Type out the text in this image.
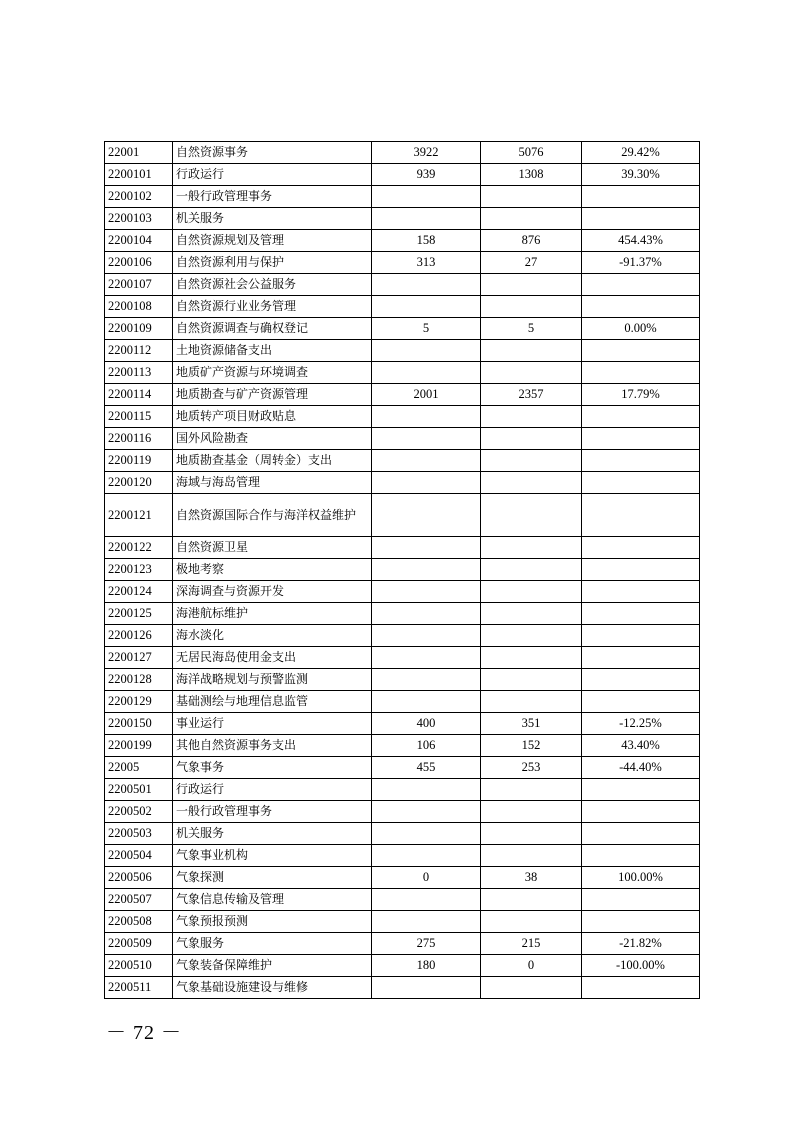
22001	自然资源事务	3922	5076	29.42%
2200101	行政运行	939	1308	39.30%
2200102	一般行政管理事务			
2200103	机关服务			
2200104	自然资源规划及管理	158	876	454.43%
2200106	自然资源利用与保护	313	27	-91.37%
2200107	自然资源社会公益服务			
2200108	自然资源行业业务管理			
2200109	自然资源调查与确权登记	5	5	0.00%
2200112	土地资源储备支出			
2200113	地质矿产资源与环境调查			
2200114	地质勘查与矿产资源管理	2001	2357	17.79%
2200115	地质转产项目财政贴息			
2200116	国外风险勘查			
2200119	地质勘查基金（周转金）支出			
2200120	海域与海岛管理			
2200121	自然资源国际合作与海洋权益维护			
2200122	自然资源卫星			
2200123	极地考察			
2200124	深海调查与资源开发			
2200125	海港航标维护			
2200126	海水淡化			
2200127	无居民海岛使用金支出			
2200128	海洋战略规划与预警监测			
2200129	基础测绘与地理信息监管			
2200150	事业运行	400	351	-12.25%
2200199	其他自然资源事务支出	106	152	43.40%
22005	气象事务	455	253	-44.40%
2200501	行政运行			
2200502	一般行政管理事务			
2200503	机关服务			
2200504	气象事业机构			
2200506	气象探测	0	38	100.00%
2200507	气象信息传输及管理			
2200508	气象预报预测			
2200509	气象服务	275	215	-21.82%
2200510	气象装备保障维护	180	0	-100.00%
2200511	气象基础设施建设与维修			
－ 72 －
